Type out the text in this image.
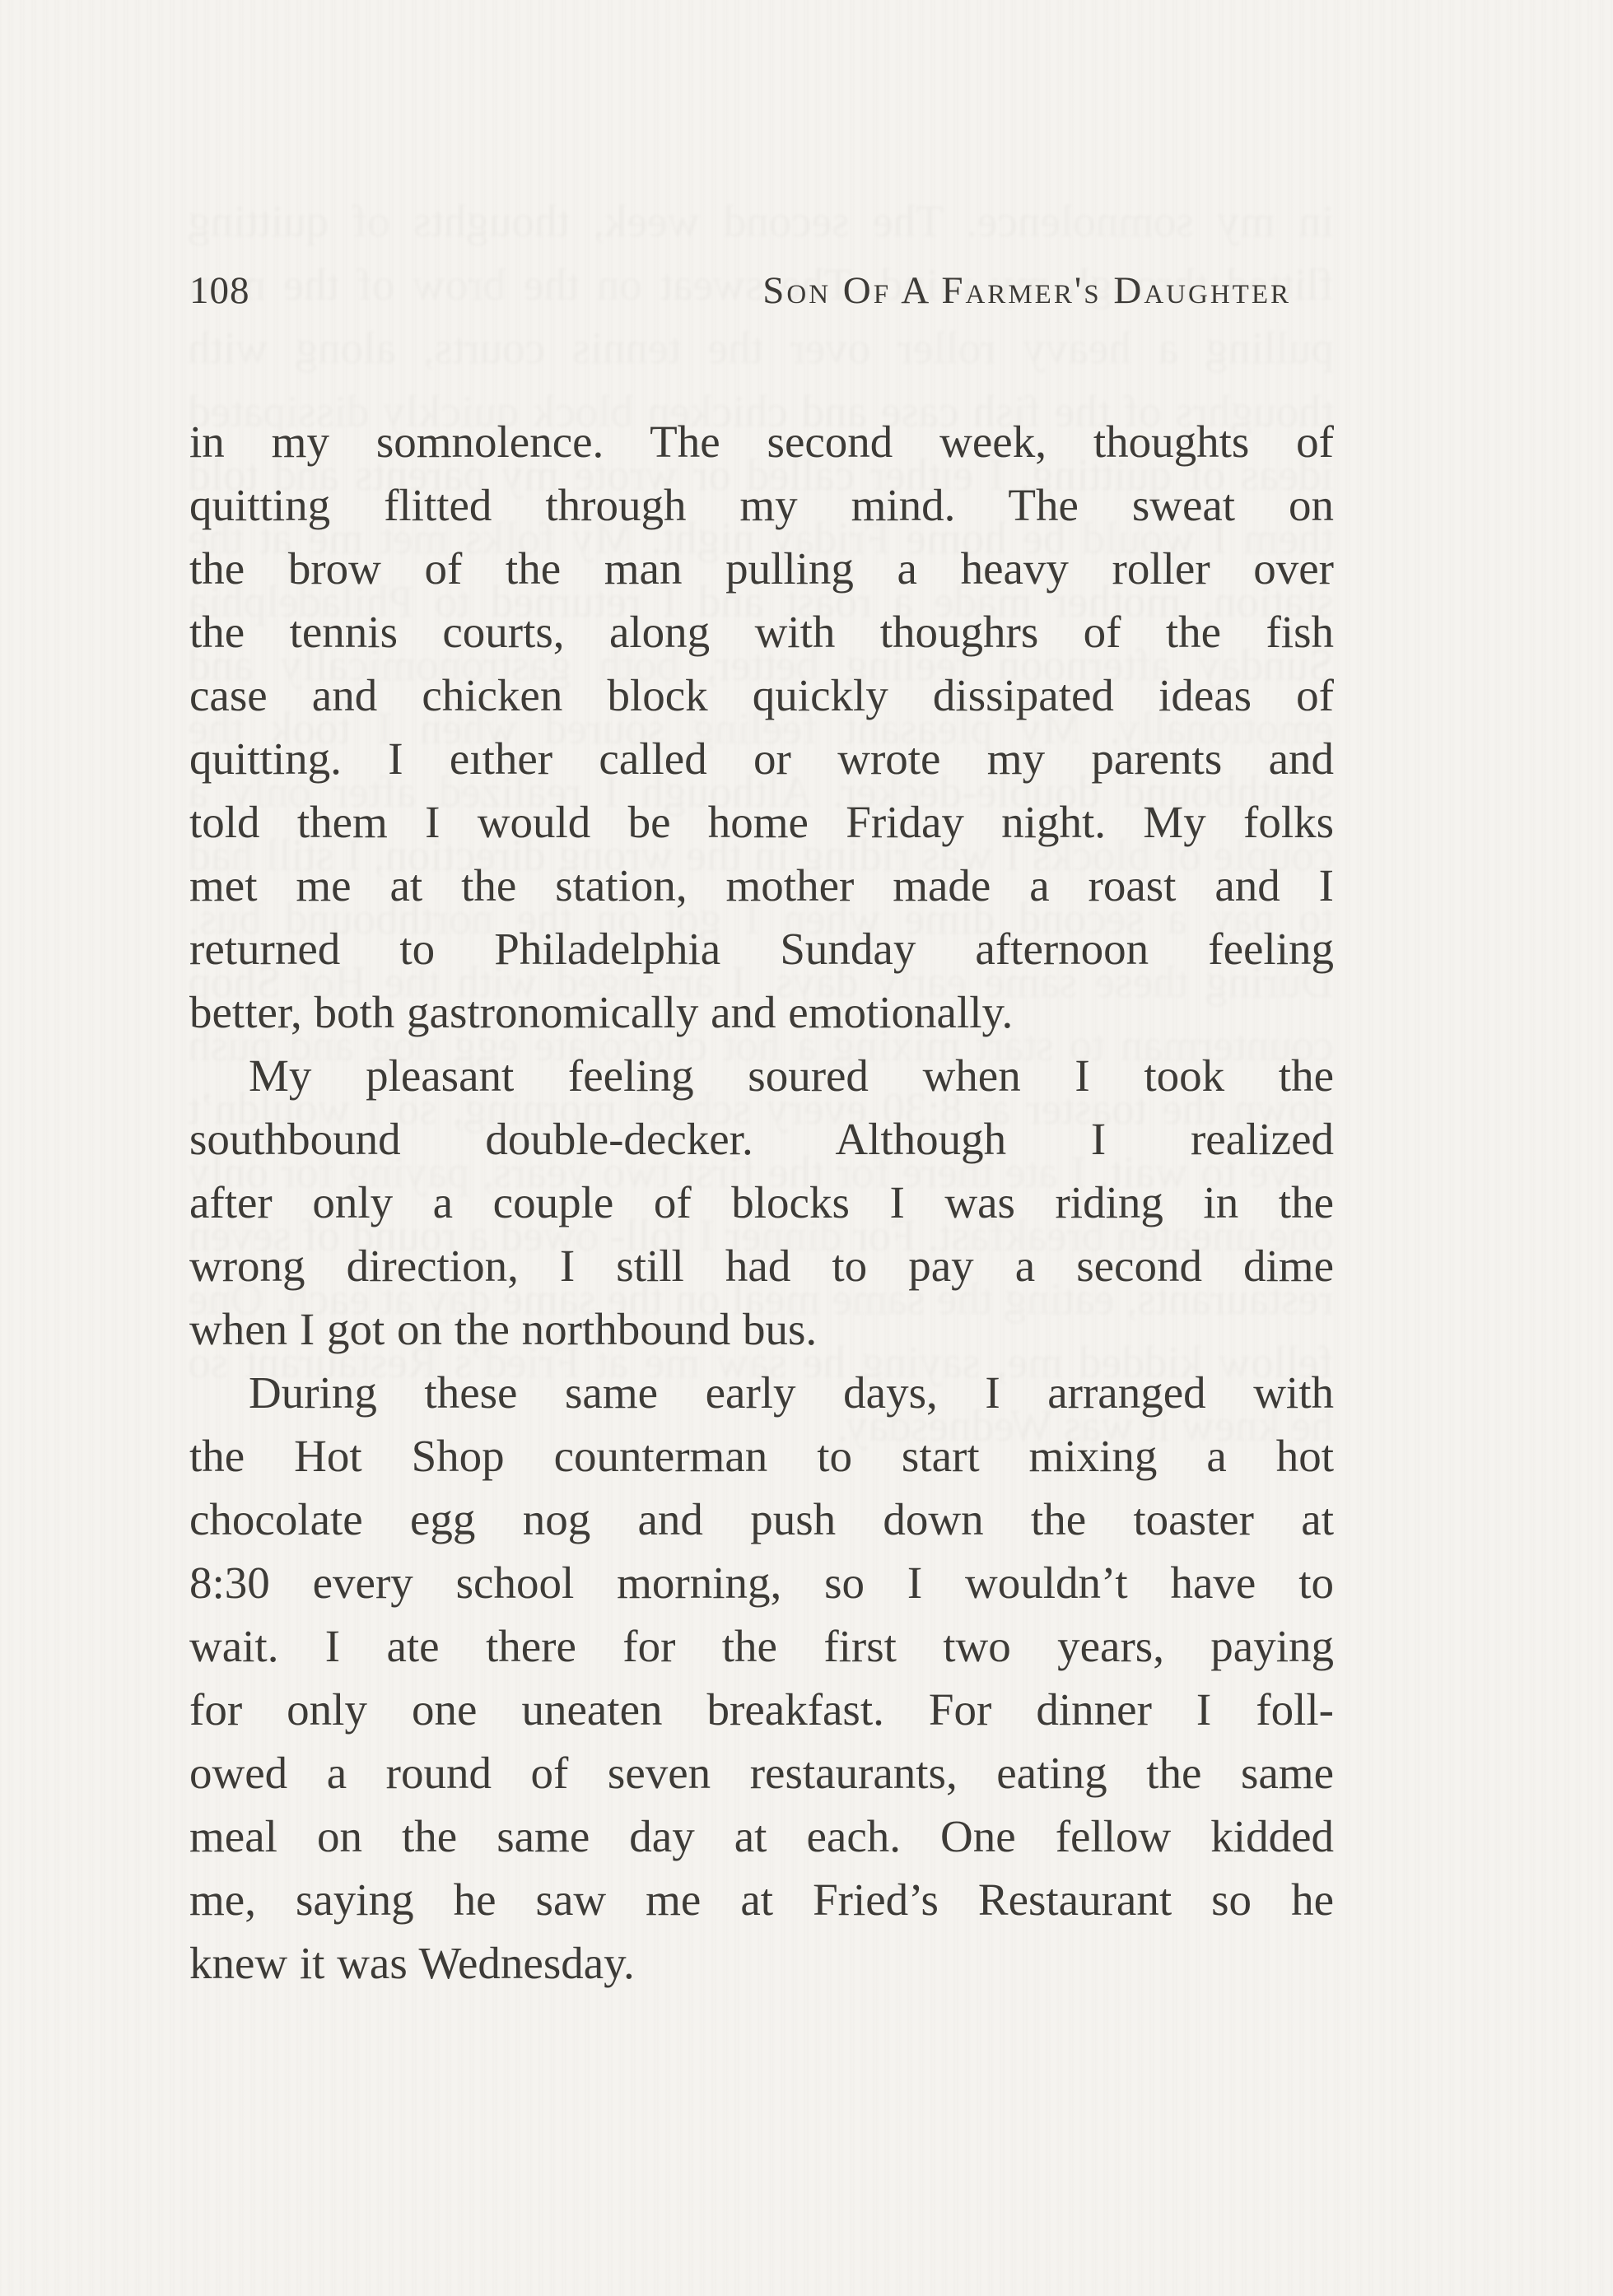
108	Son Of A Farmer's Daughter
in my somnolence. The second week, thoughts of
quitting flitted through my mind. The sweat on
the brow of the man pulling a heavy roller over
the tennis courts, along with thoughrs of the fish
case and chicken block quickly dissipated ideas of
quitting. I eıther called or wrote my parents and
told them I would be home Friday night. My folks
met me at the station, mother made a roast and I
returned to Philadelphia Sunday afternoon feeling
better, both gastronomically and emotionally.
My pleasant feeling soured when I took the
southbound double-decker. Although I realized
after only a couple of blocks I was riding in the
wrong direction, I still had to pay a second dime
when I got on the northbound bus.
During these same early days, I arranged with
the Hot Shop counterman to start mixing a hot
chocolate egg nog and push down the toaster at
8:30 every school morning, so I wouldn’t have to
wait. I ate there for the first two years, paying
for only one uneaten breakfast. For dinner I foll-
owed a round of seven restaurants, eating the same
meal on the same day at each. One fellow kidded
me, saying he saw me at Fried’s Restaurant so he
knew it was Wednesday.
